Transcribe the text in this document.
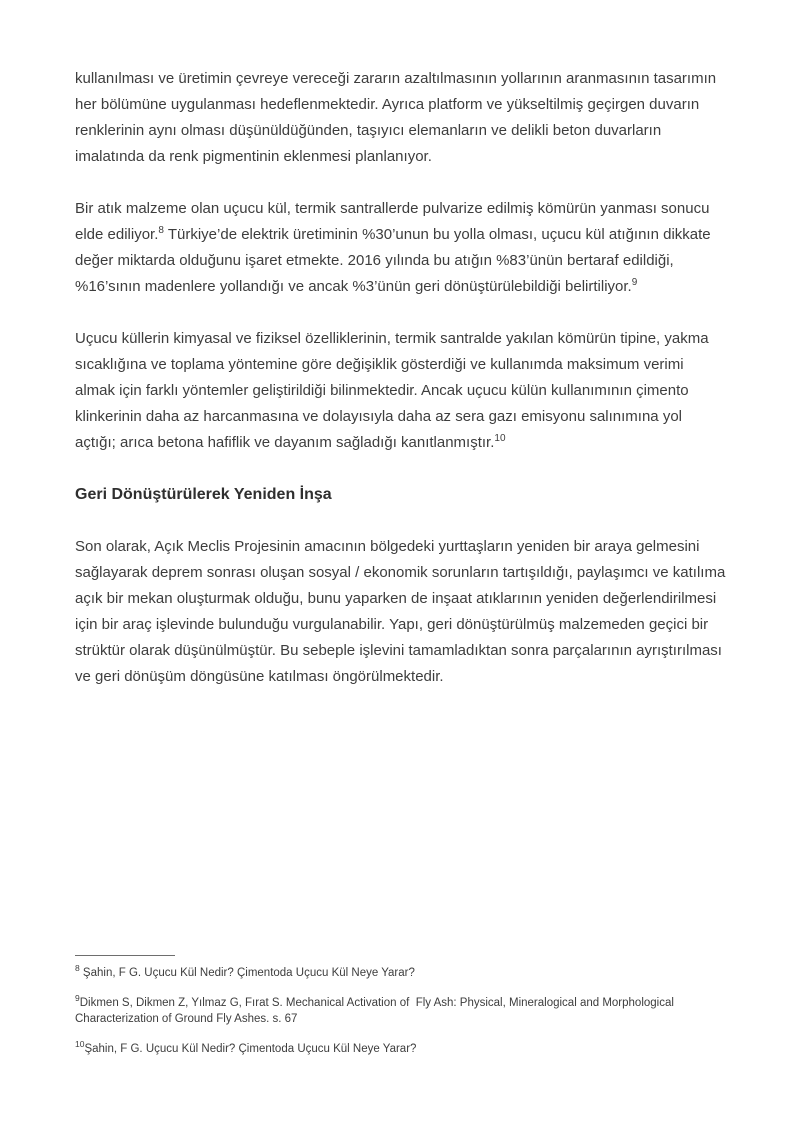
kullanılması ve üretimin çevreye vereceği zararın azaltılmasının yollarının aranmasının tasarımın her bölümüne uygulanması hedeflenmektedir. Ayrıca platform ve yükseltilmiş geçirgen duvarın renklerinin aynı olması düşünüldüğünden, taşıyıcı elemanların ve delikli beton duvarların imalatında da renk pigmentinin eklenmesi planlanıyor.

Bir atık malzeme olan uçucu kül, termik santrallerde pulvarize edilmiş kömürün yanması sonucu elde ediliyor.$^8$ Türkiye’de elektrik üretiminin %30’unun bu yolla olması, uçucu kül atığının dikkate değer miktarda olduğunu işaret etmekte. 2016 yılında bu atığın %83’ünün bertaraf edildiği, %16’sının madenlere yollandığı ve ancak %3’ünün geri dönüştürülebildiği belirtiliyor.$^9$

Uçucu küllerin kimyasal ve fiziksel özelliklerinin, termik santralde yakılan kömürün tipine, yakma sıcaklığına ve toplama yöntemine göre değişiklik gösterdiği ve kullanımda maksimum verimi almak için farklı yöntemler geliştirildiği bilinmektedir. Ancak uçucu külün kullanımının çimento klinkerinin daha az harcanmasına ve dolayısıyla daha az sera gazı emisyonu salınımına yol açtığı; arıca betona hafiflik ve dayanım sağladığı kanıtlanmıştır.$^{10}$

Geri Dönüştürülerek Yeniden İnşa

Son olarak, Açık Meclis Projesinin amacının bölgedeki yurttaşların yeniden bir araya gelmesini sağlayarak deprem sonrası oluşan sosyal / ekonomik sorunların tartışıldığı, paylaşımcı ve katılıma açık bir mekan oluşturmak olduğu, bunu yaparken de inşaat atıklarının yeniden değerlendirilmesi için bir araç işlevinde bulunduğu vurgulanabilir. Yapı, geri dönüştürülmüş malzemeden geçici bir strüktür olarak düşünülmüştür. Bu sebeple işlevini tamamladıktan sonra parçalarının ayrıştırılması ve geri dönüşüm döngüsüne katılması öngörülmektedir.

$^8$ Şahin, F G. Uçucu Kül Nedir? Çimentoda Uçucu Kül Neye Yarar?
$^9$Dikmen S, Dikmen Z, Yılmaz G, Fırat S. Mechanical Activation of  Fly Ash: Physical, Mineralogical and Morphological Characterization of Ground Fly Ashes. s. 67
$^{10}$Şahin, F G. Uçucu Kül Nedir? Çimentoda Uçucu Kül Neye Yarar?
